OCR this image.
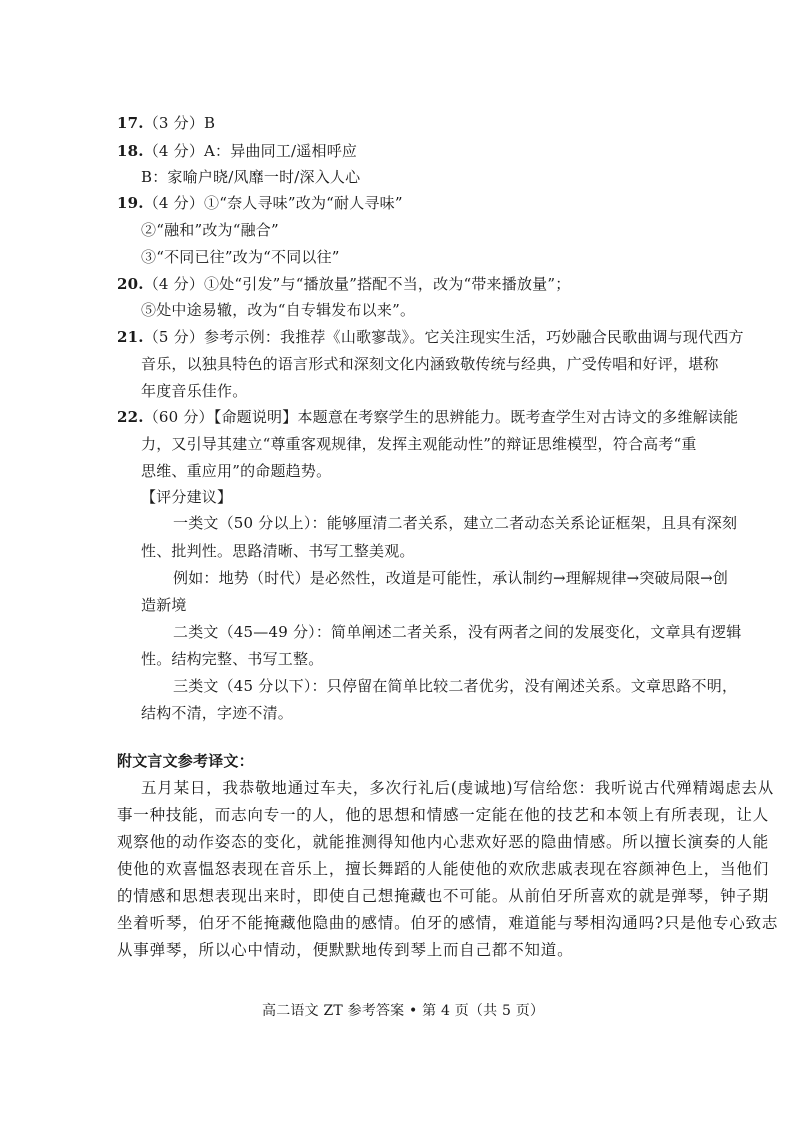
17.（3 分）B
18.（4 分）A：异曲同工/遥相呼应
B：家喻户晓/风靡一时/深入人心
19.（4 分）①“奈人寻味”改为“耐人寻味”
②“融和”改为“融合”
③“不同已往”改为“不同以往”
20.（4 分）①处“引发”与“播放量”搭配不当，改为“带来播放量”；
⑤处中途易辙，改为“自专辑发布以来”。
21.（5 分）参考示例：我推荐《山歌寥哉》。它关注现实生活，巧妙融合民歌曲调与现代西方
音乐，以独具特色的语言形式和深刻文化内涵致敬传统与经典，广受传唱和好评，堪称
年度音乐佳作。
22.（60 分）【命题说明】本题意在考察学生的思辨能力。既考查学生对古诗文的多维解读能
力，又引导其建立“尊重客观规律，发挥主观能动性”的辩证思维模型，符合高考“重
思维、重应用”的命题趋势。
【评分建议】
一类文（50 分以上）：能够厘清二者关系，建立二者动态关系论证框架，且具有深刻
性、批判性。思路清晰、书写工整美观。
例如：地势（时代）是必然性，改道是可能性，承认制约→理解规律→突破局限→创
造新境
二类文（45—49 分）：简单阐述二者关系，没有两者之间的发展变化，文章具有逻辑
性。结构完整、书写工整。
三类文（45 分以下）：只停留在简单比较二者优劣，没有阐述关系。文章思路不明，
结构不清，字迹不清。
附文言文参考译文：
五月某日，我恭敬地通过车夫，多次行礼后(虔诚地)写信给您：我听说古代殚精竭虑去从
事一种技能，而志向专一的人，他的思想和情感一定能在他的技艺和本领上有所表现，让人
观察他的动作姿态的变化，就能推测得知他内心悲欢好恶的隐曲情感。所以擅长演奏的人能
使他的欢喜愠怒表现在音乐上，擅长舞蹈的人能使他的欢欣悲戚表现在容颜神色上，当他们
的情感和思想表现出来时，即使自己想掩藏也不可能。从前伯牙所喜欢的就是弹琴，钟子期
坐着听琴，伯牙不能掩藏他隐曲的感情。伯牙的感情，难道能与琴相沟通吗?只是他专心致志
从事弹琴，所以心中情动，便默默地传到琴上而自己都不知道。
高二语文 ZT 参考答案 • 第 4 页（共 5 页）
